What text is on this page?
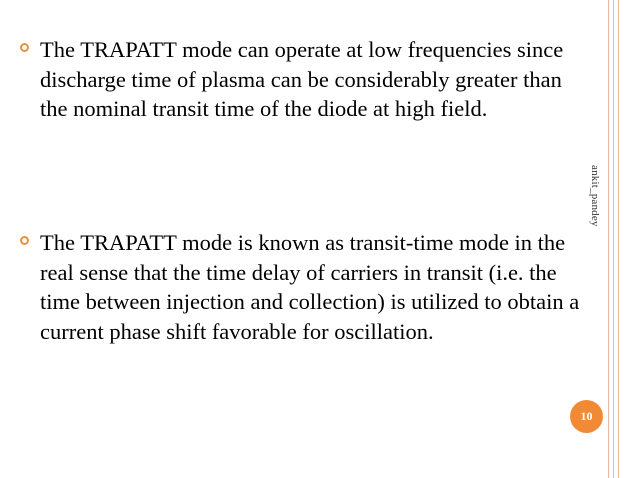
The TRAPATT mode can operate at low frequencies since discharge time of plasma can be considerably greater than the nominal transit time of the diode at high field.
The TRAPATT mode is known as transit-time mode in the real sense that the time delay of carriers in transit (i.e. the time between injection and collection) is utilized to obtain a current phase shift favorable for oscillation.
ankit_pandey
10
